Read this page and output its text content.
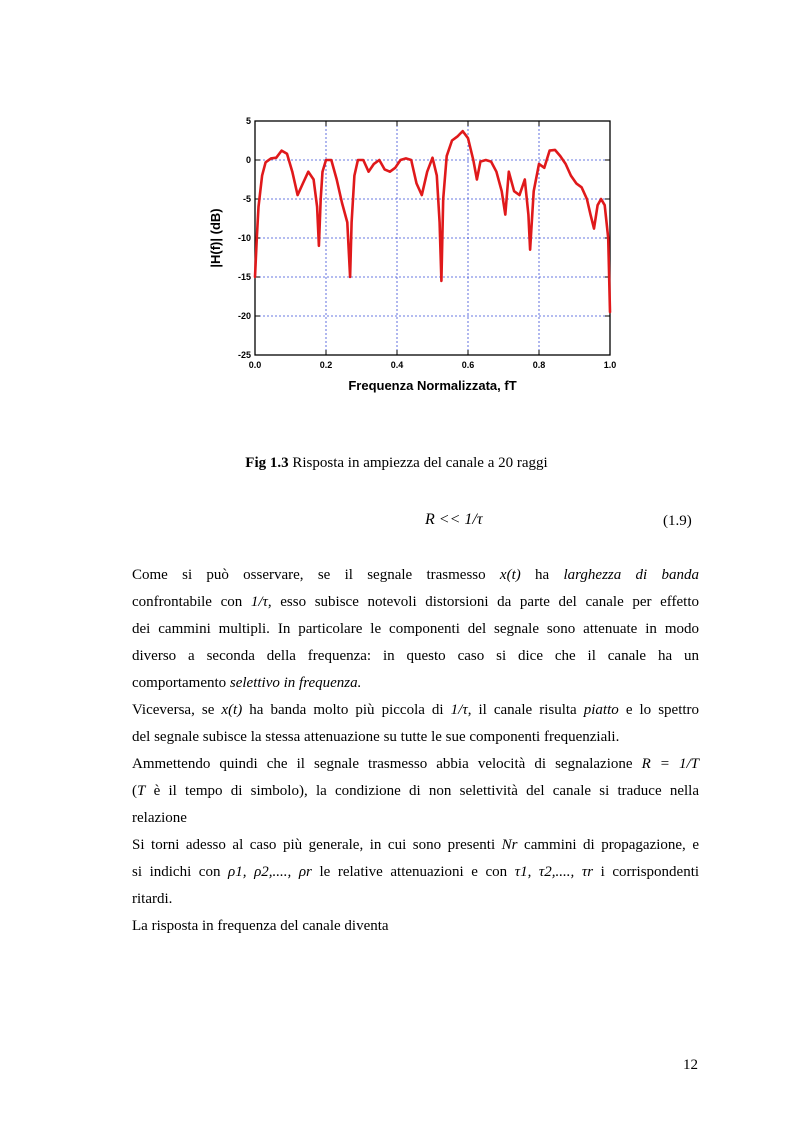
0.0	0.2	0.4	0.6	0.8	1.0
5
0
-5
-10
-15
-20
-25
Frequenza Normalizzata, fT
|H(f)| (dB)
Fig 1.3 Risposta in ampiezza del canale a 20 raggi
R << 1/τ	(1.9)

Come si può osservare, se il segnale trasmesso x(t) ha larghezza di banda

confrontabile con 1/τ, esso subisce notevoli distorsioni da parte del canale per effetto

dei cammini multipli. In particolare le componenti del segnale sono attenuate in modo

diverso a seconda della frequenza: in questo caso si dice che il canale ha un

comportamento selettivo in frequenza.

Viceversa, se x(t) ha banda molto più piccola di 1/τ, il canale risulta piatto e lo spettro

del segnale subisce la stessa attenuazione su tutte le sue componenti frequenziali.

Ammettendo quindi che il segnale trasmesso abbia velocità di segnalazione R = 1/T

(T è il tempo di simbolo), la condizione di non selettività del canale si traduce nella

relazione

Si torni adesso al caso più generale, in cui sono presenti Nr cammini di propagazione, e

si indichi con ρ1, ρ2,...., ρr le relative attenuazioni e con τ1, τ2,...., τr i corrispondenti

ritardi.

La risposta in frequenza del canale diventa

12
